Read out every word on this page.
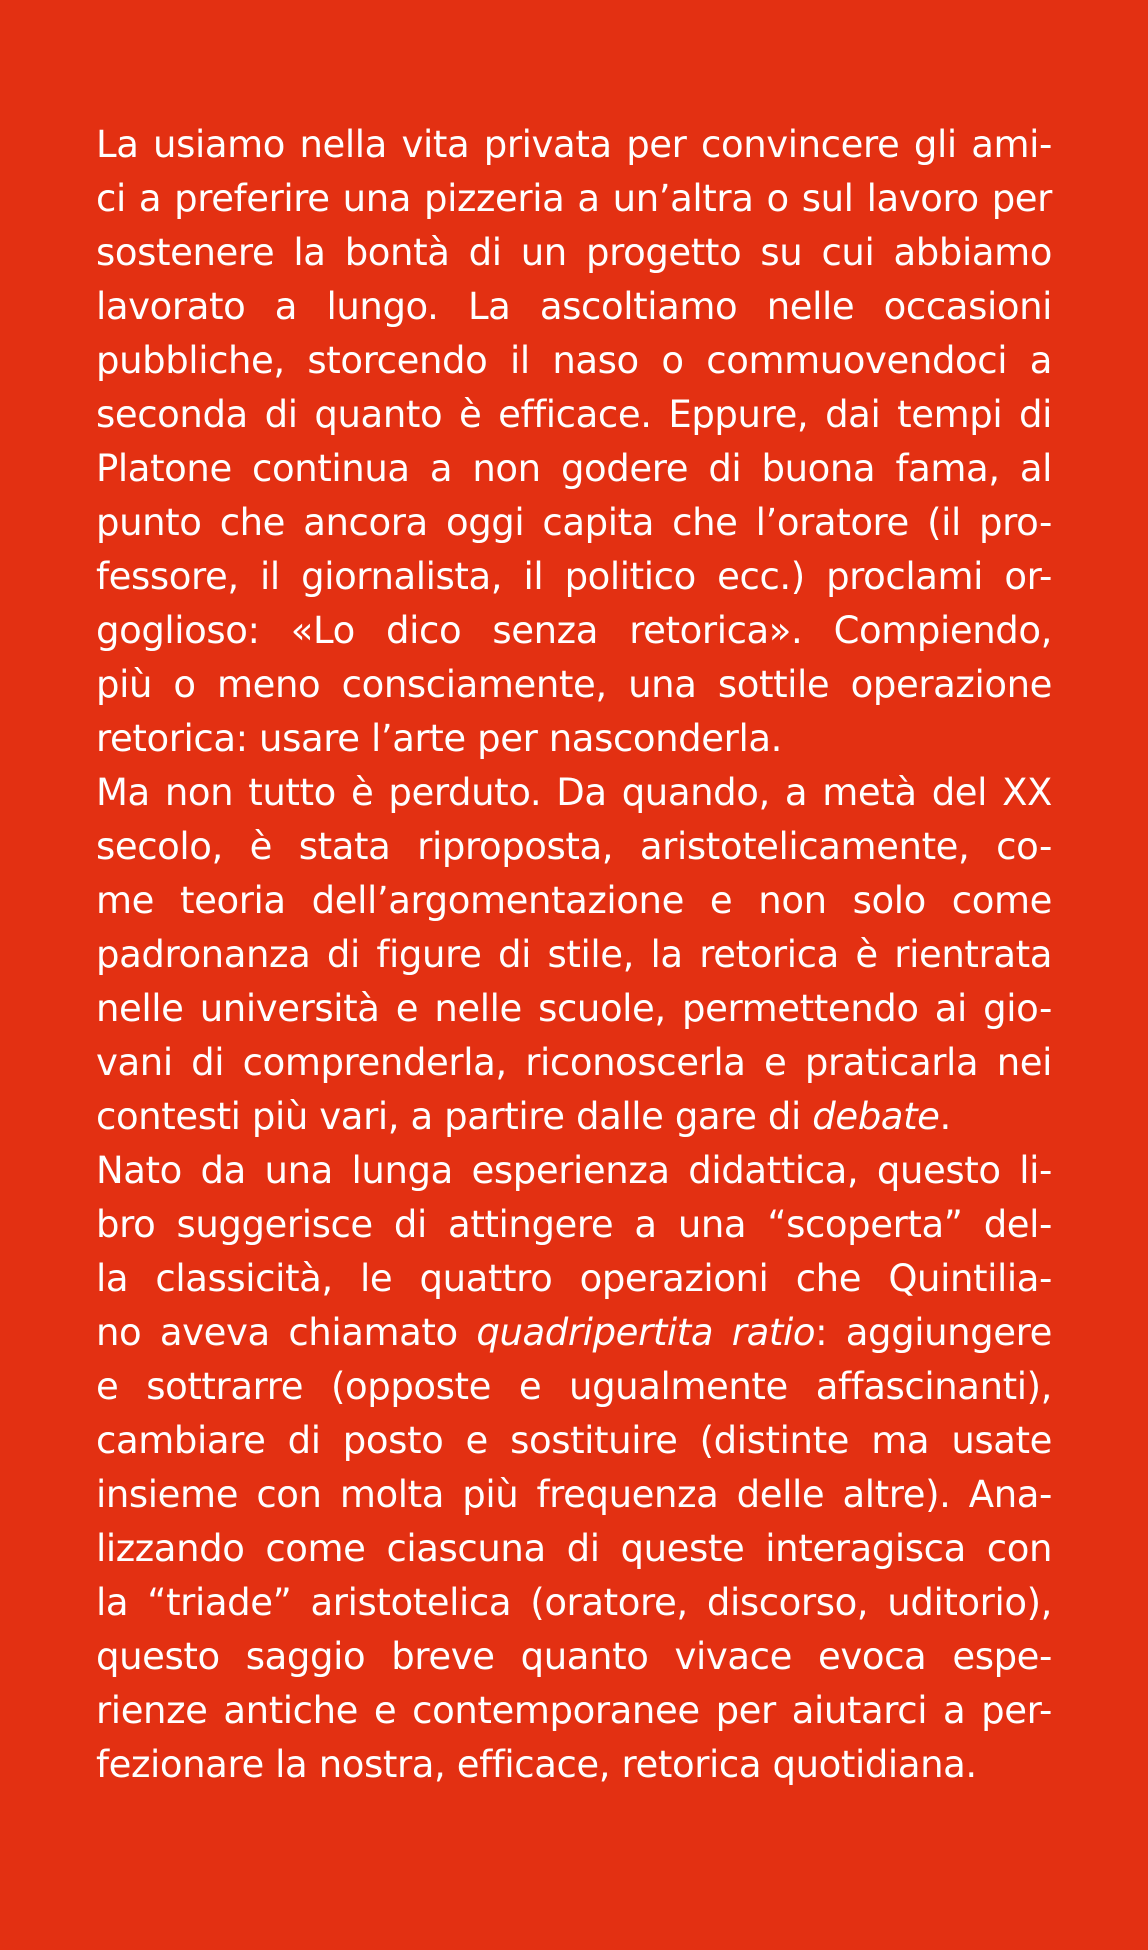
La usiamo nella vita privata per convincere gli ami-
ci a preferire una pizzeria a un’altra o sul lavoro per
sostenere la bontà di un progetto su cui abbiamo
lavorato a lungo. La ascoltiamo nelle occasioni
pubbliche, storcendo il naso o commuovendoci a
seconda di quanto è efficace. Eppure, dai tempi di
Platone continua a non godere di buona fama, al
punto che ancora oggi capita che l’oratore (il pro-
fessore, il giornalista, il politico ecc.) proclami or-
goglioso: «Lo dico senza retorica». Compiendo,
più o meno consciamente, una sottile operazione
retorica: usare l’arte per nasconderla.

Ma non tutto è perduto. Da quando, a metà del XX
secolo, è stata riproposta, aristotelicamente, co-
me teoria dell’argomentazione e non solo come
padronanza di figure di stile, la retorica è rientrata
nelle università e nelle scuole, permettendo ai gio-
vani di comprenderla, riconoscerla e praticarla nei
contesti più vari, a partire dalle gare di debate.

Nato da una lunga esperienza didattica, questo li-
bro suggerisce di attingere a una “scoperta” del-
la classicità, le quattro operazioni che Quintilia-
no aveva chiamato quadripertita ratio: aggiungere
e sottrarre (opposte e ugualmente affascinanti),
cambiare di posto e sostituire (distinte ma usate
insieme con molta più frequenza delle altre). Ana-
lizzando come ciascuna di queste interagisca con
la “triade” aristotelica (oratore, discorso, uditorio),
questo saggio breve quanto vivace evoca espe-
rienze antiche e contemporanee per aiutarci a per-
fezionare la nostra, efficace, retorica quotidiana.
